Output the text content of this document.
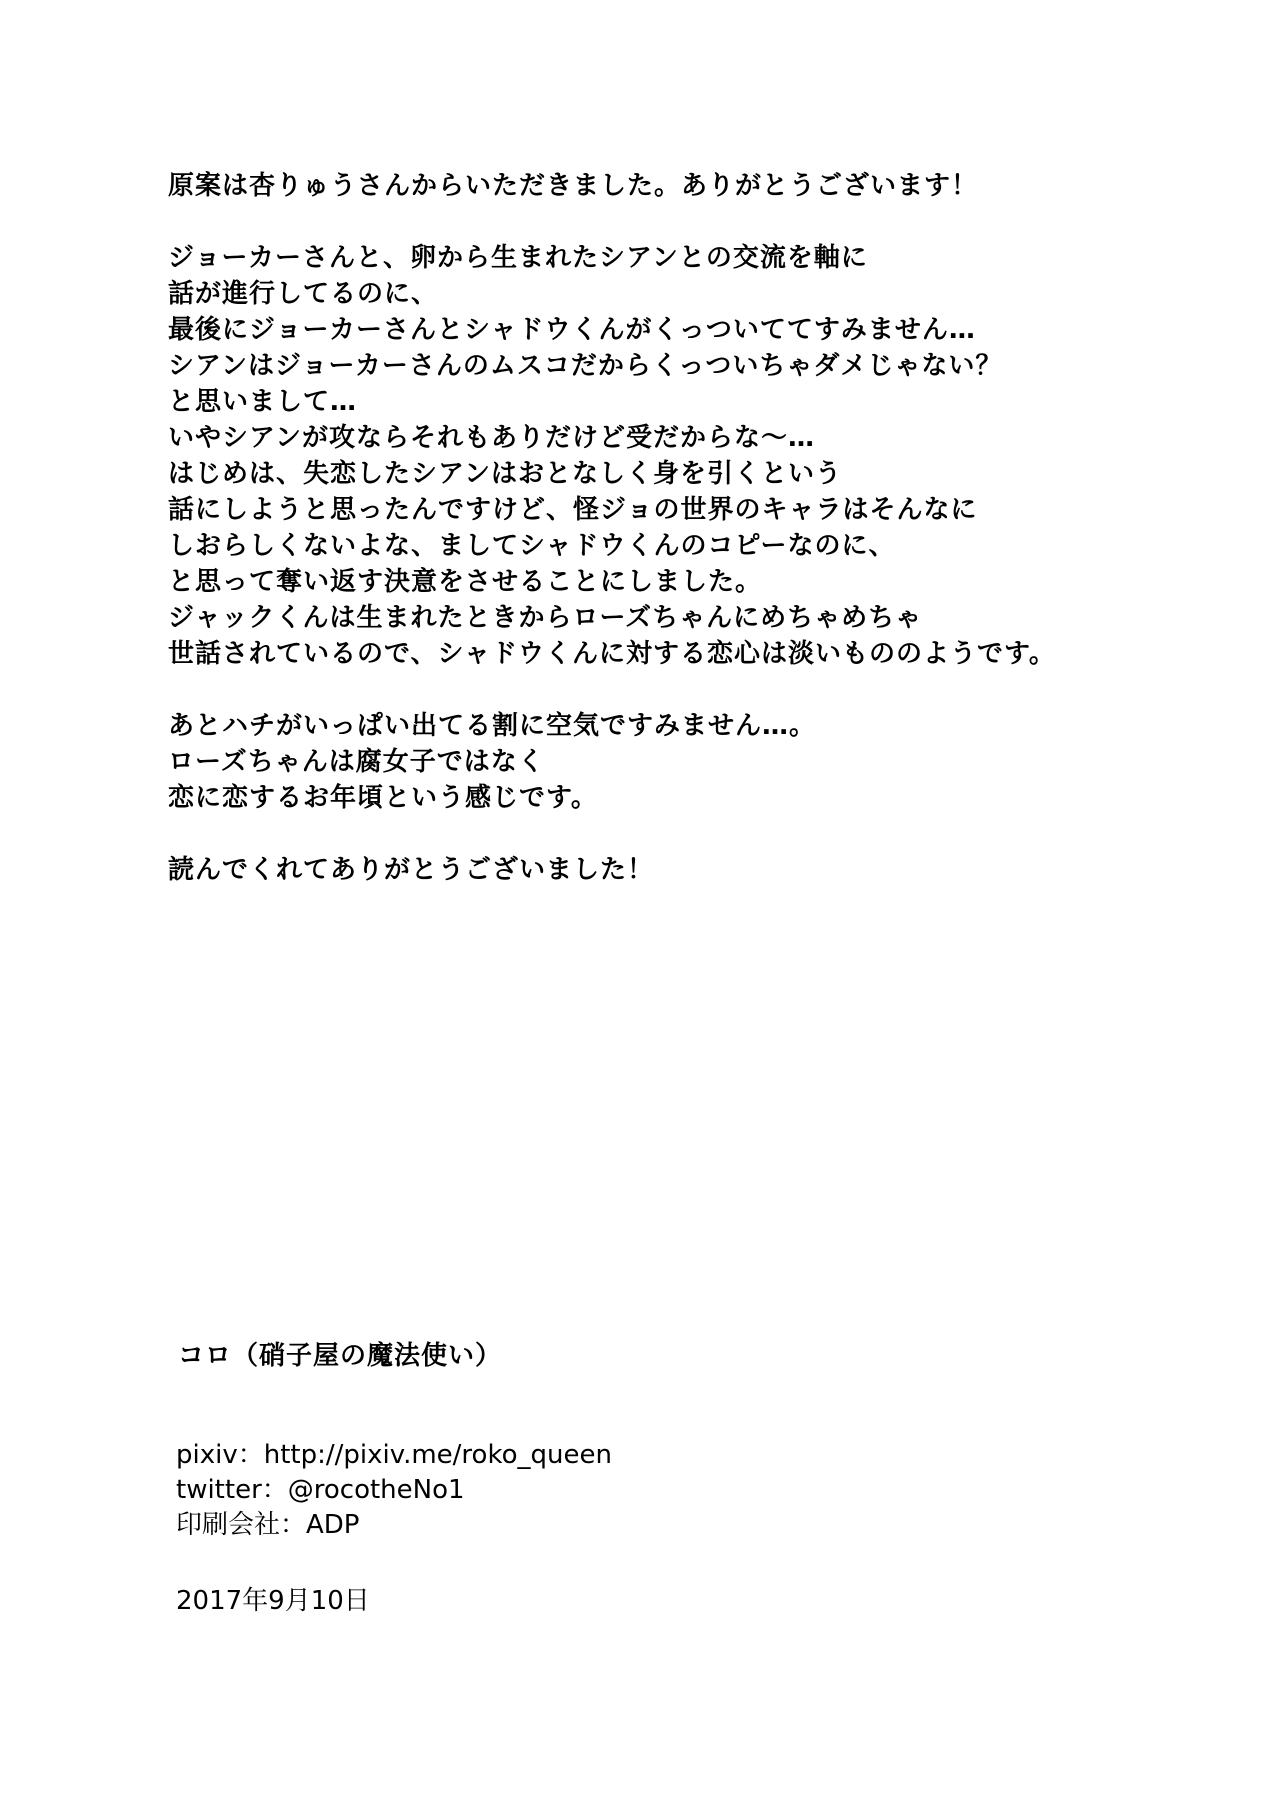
原案は杏りゅうさんからいただきました。ありがとうございます！

ジョーカーさんと、卵から生まれたシアンとの交流を軸に
話が進行してるのに、
最後にジョーカーさんとシャドウくんがくっついててすみません…
シアンはジョーカーさんのムスコだからくっついちゃダメじゃない？
と思いまして…
いやシアンが攻ならそれもありだけど受だからな〜…
はじめは、失恋したシアンはおとなしく身を引くという
話にしようと思ったんですけど、怪ジョの世界のキャラはそんなに
しおらしくないよな、ましてシャドウくんのコピーなのに、
と思って奪い返す決意をさせることにしました。
ジャックくんは生まれたときからローズちゃんにめちゃめちゃ
世話されているので、シャドウくんに対する恋心は淡いもののようです。

あとハチがいっぱい出てる割に空気ですみません…。
ローズちゃんは腐女子ではなく
恋に恋するお年頃という感じです。

読んでくれてありがとうございました！

コロ（硝子屋の魔法使い）
pixiv：http://pixiv.me/roko_queen
twitter：@rocotheNo1
印刷会社：ADP
2017年9月10日
